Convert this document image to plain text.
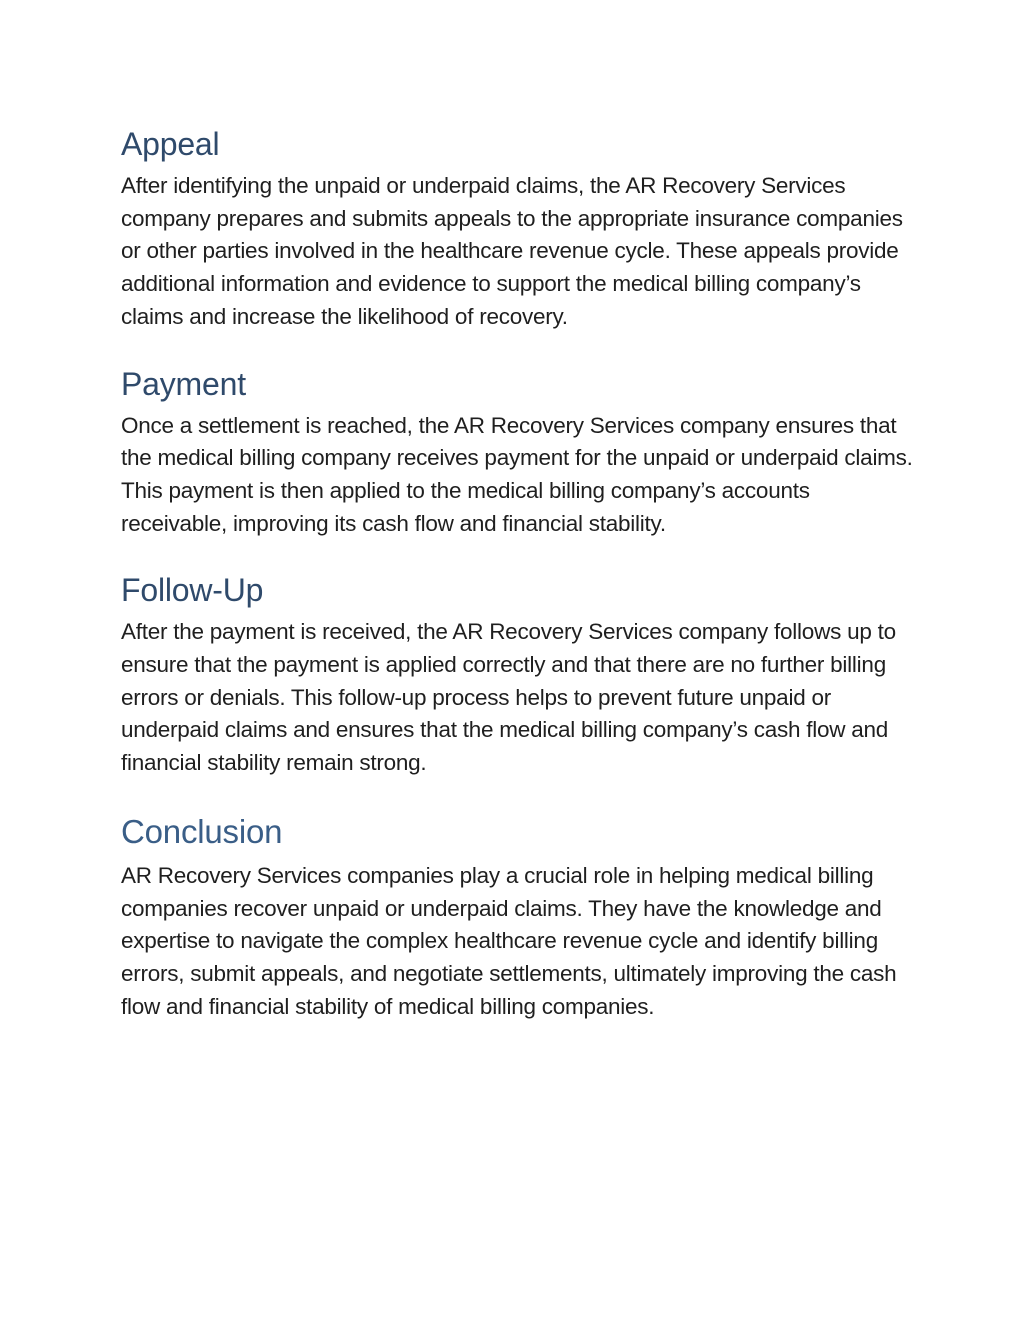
Appeal

After identifying the unpaid or underpaid claims, the AR Recovery Services company prepares and submits appeals to the appropriate insurance companies or other parties involved in the healthcare revenue cycle. These appeals provide additional information and evidence to support the medical billing company’s claims and increase the likelihood of recovery.

Payment

Once a settlement is reached, the AR Recovery Services company ensures that the medical billing company receives payment for the unpaid or underpaid claims. This payment is then applied to the medical billing company’s accounts receivable, improving its cash flow and financial stability.

Follow-Up

After the payment is received, the AR Recovery Services company follows up to ensure that the payment is applied correctly and that there are no further billing errors or denials. This follow-up process helps to prevent future unpaid or underpaid claims and ensures that the medical billing company’s cash flow and financial stability remain strong.

Conclusion

AR Recovery Services companies play a crucial role in helping medical billing companies recover unpaid or underpaid claims. They have the knowledge and expertise to navigate the complex healthcare revenue cycle and identify billing errors, submit appeals, and negotiate settlements, ultimately improving the cash flow and financial stability of medical billing companies.
